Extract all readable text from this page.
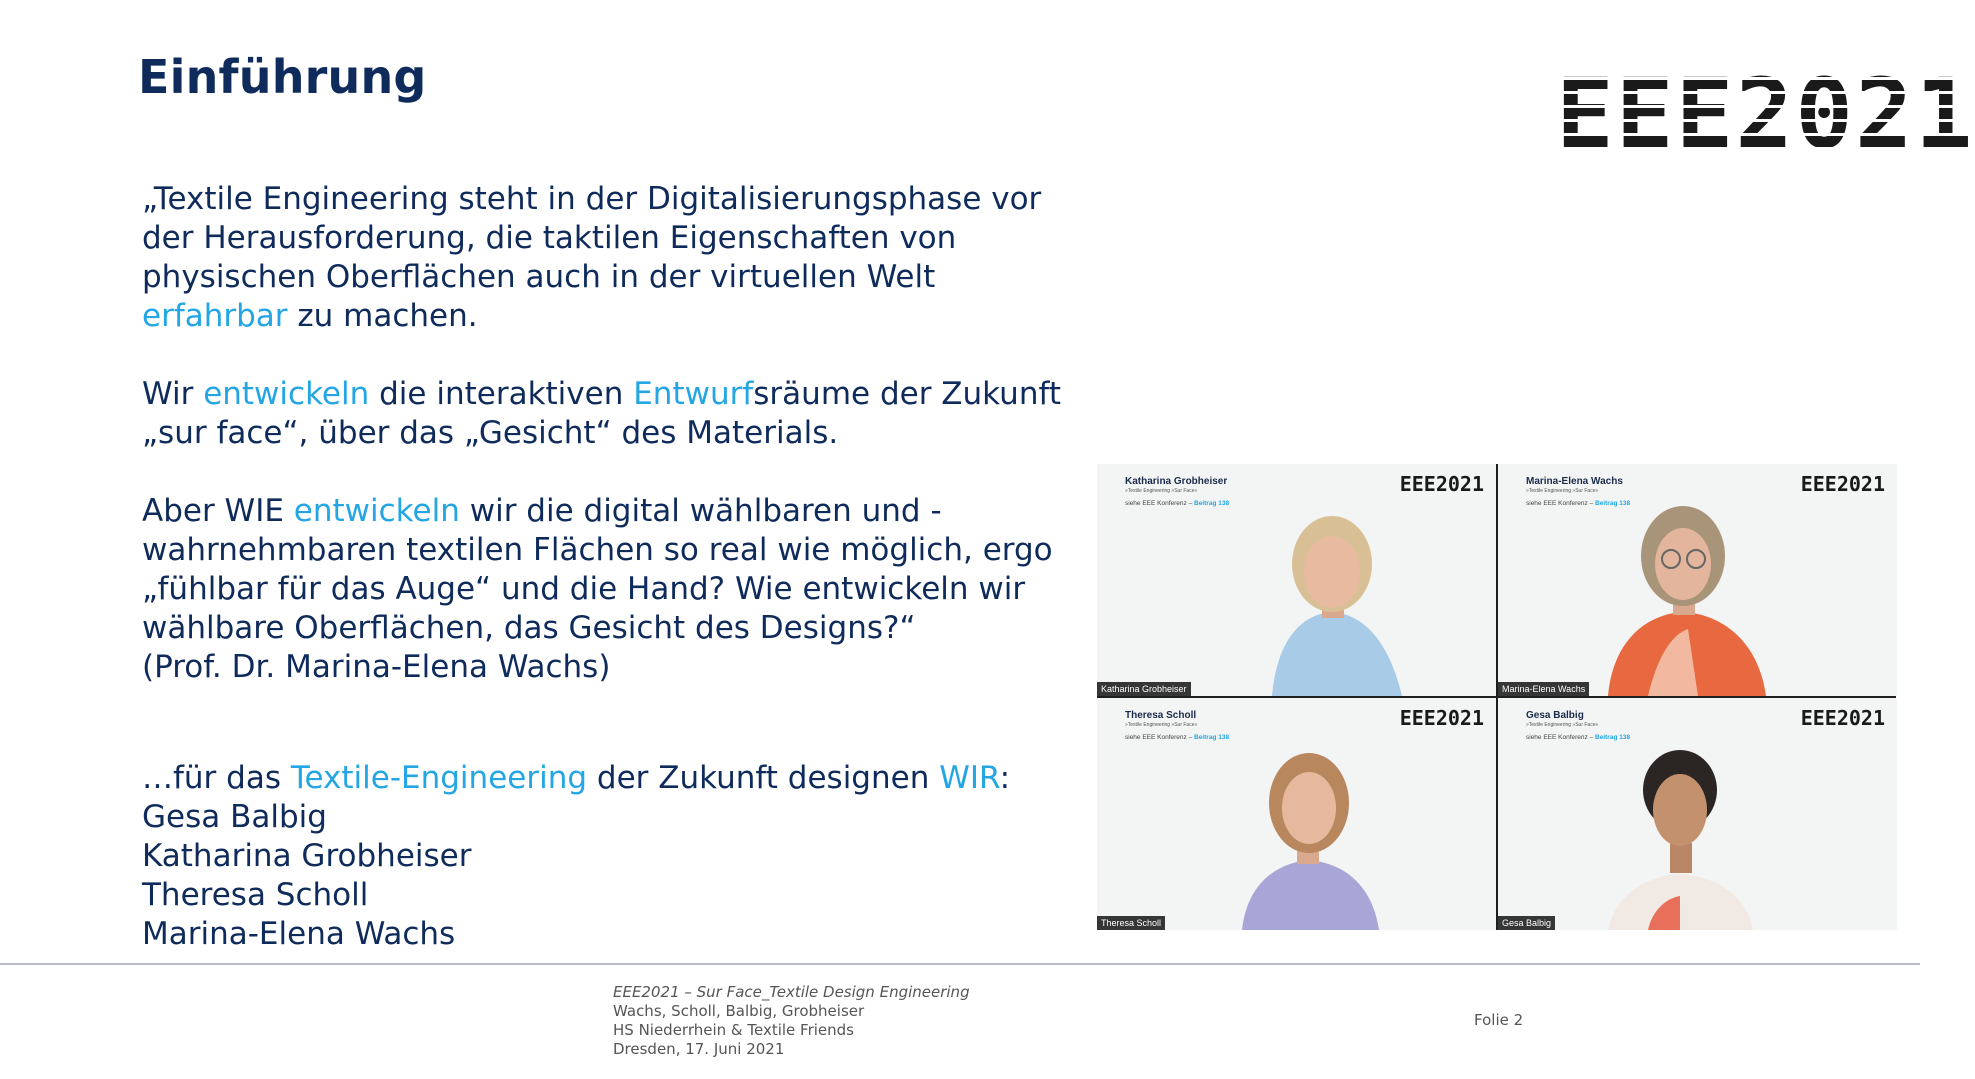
Einführung	EEE2021

„Textile Engineering steht in der Digitalisierungsphase vor der Herausforderung, die taktilen Eigenschaften von physischen Oberflächen auch in der virtuellen Welt erfahrbar zu machen.

Wir entwickeln die interaktiven Entwurfsräume der Zukunft „sur face“, über das „Gesicht“ des Materials.

Aber WIE entwickeln wir die digital wählbaren und -wahrnehmbaren textilen Flächen so real wie möglich, ergo „fühlbar für das Auge“ und die Hand? Wie entwickeln wir wählbare Oberflächen, das Gesicht des Designs?“

(Prof. Dr. Marina-Elena Wachs)

…für das Textile-Engineering der Zukunft designen WIR:

Gesa Balbig
Katharina Grobheiser
Theresa Scholl
Marina-Elena Wachs
Katharina Grobheiser
»Textile Engineering »Sur Face«
siehe EEE Konferenz – Beitrag 138
EEE2021
Katharina Grobheiser
Marina-Elena Wachs
»Textile Engineering »Sur Face«
siehe EEE Konferenz – Beitrag 138
EEE2021
Marina-Elena Wachs
Theresa Scholl
»Textile Engineering »Sur Face«
siehe EEE Konferenz – Beitrag 138
EEE2021
Theresa Scholl
Gesa Balbig
»Textile Engineering »Sur Face«
siehe EEE Konferenz – Beitrag 138
EEE2021
Gesa Balbig
EEE2021 – Sur Face_Textile Design Engineering
Wachs, Scholl, Balbig, Grobheiser
HS Niederrhein & Textile Friends
Dresden, 17. Juni 2021
Folie 2
